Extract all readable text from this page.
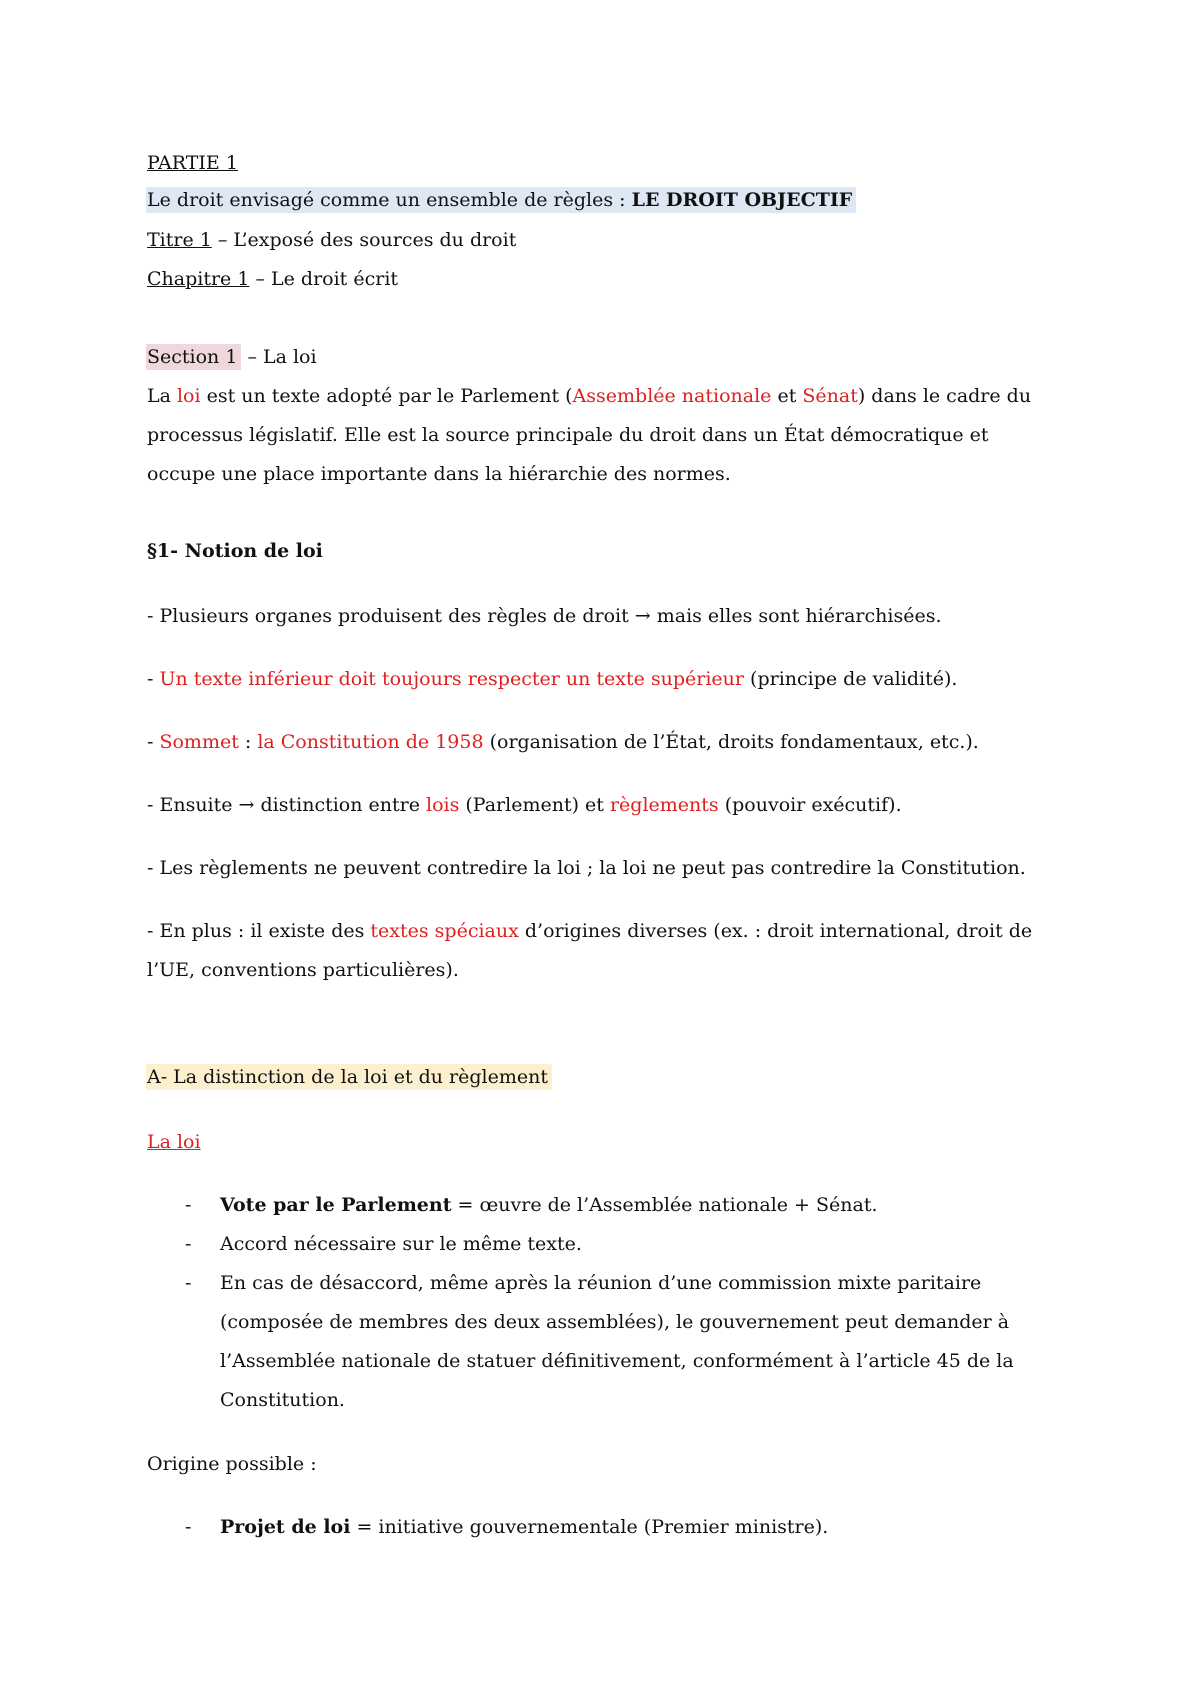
PARTIE 1
Le droit envisagé comme un ensemble de règles : LE DROIT OBJECTIF
Titre 1 – L’exposé des sources du droit
Chapitre 1 – Le droit écrit
Section 1 – La loi
La loi est un texte adopté par le Parlement (Assemblée nationale et Sénat) dans le cadre du
processus législatif. Elle est la source principale du droit dans un État démocratique et
occupe une place importante dans la hiérarchie des normes.
§1- Notion de loi
- Plusieurs organes produisent des règles de droit → mais elles sont hiérarchisées.
- Un texte inférieur doit toujours respecter un texte supérieur (principe de validité).
- Sommet : la Constitution de 1958 (organisation de l’État, droits fondamentaux, etc.).
- Ensuite → distinction entre lois (Parlement) et règlements (pouvoir exécutif).
- Les règlements ne peuvent contredire la loi ; la loi ne peut pas contredire la Constitution.
- En plus : il existe des textes spéciaux d’origines diverses (ex. : droit international, droit de
l’UE, conventions particulières).
A- La distinction de la loi et du règlement
La loi
- Vote par le Parlement = œuvre de l’Assemblée nationale + Sénat.
- Accord nécessaire sur le même texte.
- En cas de désaccord, même après la réunion d’une commission mixte paritaire
(composée de membres des deux assemblées), le gouvernement peut demander à
l’Assemblée nationale de statuer définitivement, conformément à l’article 45 de la
Constitution.
Origine possible :
- Projet de loi = initiative gouvernementale (Premier ministre).
